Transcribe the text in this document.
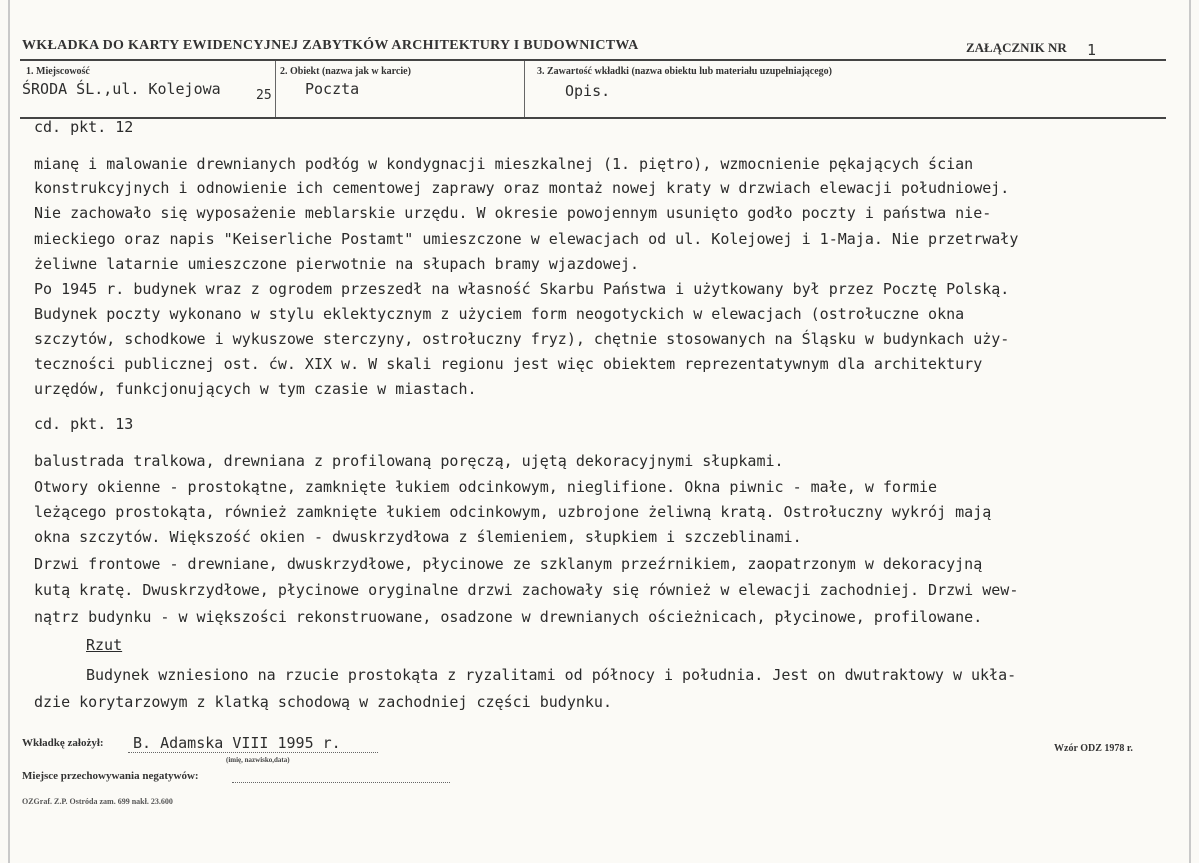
WKŁADKA DO KARTY EWIDENCYJNEJ ZABYTKÓW ARCHITEKTURY I BUDOWNICTWA	ZAŁĄCZNIK NR 1
1. Miejscowość
ŚRODA ŚL.,ul. Kolejowa	25
2. Obiekt (nazwa jak w karcie)
Poczta
3. Zawartość wkładki (nazwa obiektu lub materiału uzupełniającego)
Opis.
cd. pkt. 12
mianę i malowanie drewnianych podłóg w kondygnacji mieszkalnej (1. piętro), wzmocnienie pękających ścian
konstrukcyjnych i odnowienie ich cementowej zaprawy oraz montaż nowej kraty w drzwiach elewacji południowej.
Nie zachowało się wyposażenie meblarskie urzędu. W okresie powojennym usunięto godło poczty i państwa nie-
mieckiego oraz napis "Keiserliche Postamt" umieszczone w elewacjach od ul. Kolejowej i 1-Maja. Nie przetrwały
żeliwne latarnie umieszczone pierwotnie na słupach bramy wjazdowej.
Po 1945 r. budynek wraz z ogrodem przeszedł na własność Skarbu Państwa i użytkowany był przez Pocztę Polską.
Budynek poczty wykonano w stylu eklektycznym z użyciem form neogotyckich w elewacjach (ostrołuczne okna
szczytów, schodkowe i wykuszowe sterczyny, ostrołuczny fryz), chętnie stosowanych na Śląsku w budynkach uży-
teczności publicznej ost. ćw. XIX w. W skali regionu jest więc obiektem reprezentatywnym dla architektury
urzędów, funkcjonujących w tym czasie w miastach.
cd. pkt. 13
balustrada tralkowa, drewniana z profilowaną poręczą, ujętą dekoracyjnymi słupkami.
Otwory okienne - prostokątne, zamknięte łukiem odcinkowym, nieglifione. Okna piwnic - małe, w formie
leżącego prostokąta, również zamknięte łukiem odcinkowym, uzbrojone żeliwną kratą. Ostrołuczny wykrój mają
okna szczytów. Większość okien - dwuskrzydłowa z ślemieniem, słupkiem i szczeblinami.
Drzwi frontowe - drewniane, dwuskrzydłowe, płycinowe ze szklanym przeźrnikiem, zaopatrzonym w dekoracyjną
kutą kratę. Dwuskrzydłowe, płycinowe oryginalne drzwi zachowały się również w elewacji zachodniej. Drzwi wew-
nątrz budynku - w większości rekonstruowane, osadzone w drewnianych ościeżnicach, płycinowe, profilowane.
Rzut
Budynek wzniesiono na rzucie prostokąta z ryzalitami od północy i południa. Jest on dwutraktowy w ukła-
dzie korytarzowym z klatką schodową w zachodniej części budynku.
Wkładkę założył: B. Adamska VIII 1995 r.
(imię, nazwisko,data)
Miejsce przechowywania negatywów:
OZGraf. Z.P. Ostróda zam. 699 nakł. 23.600
Wzór ODZ 1978 r.
